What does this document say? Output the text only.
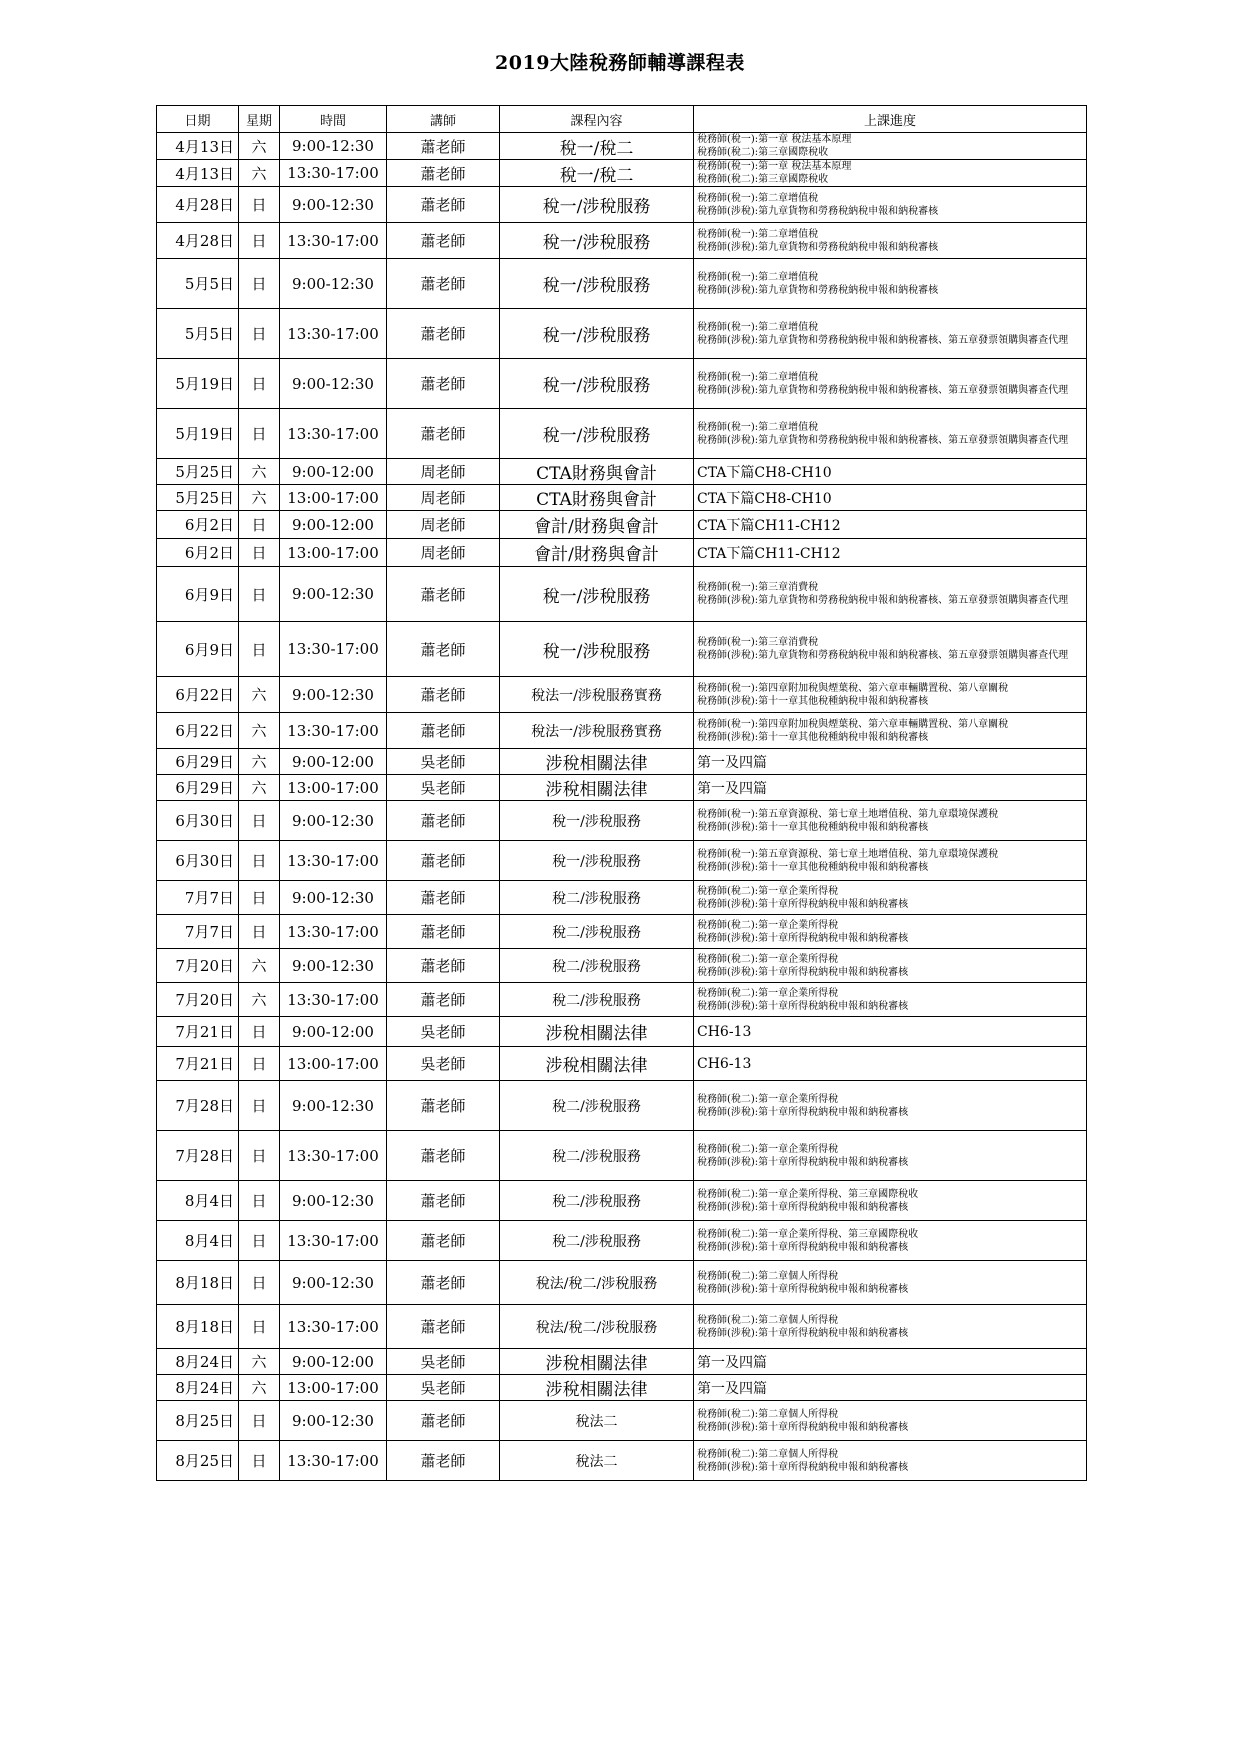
2019大陸稅務師輔導課程表
日期	星期	時間	講師	課程內容	上課進度
4月13日	六	9:00-12:30	蕭老師	稅一/稅二	稅務師(稅一):第一章 稅法基本原理
稅務師(稅二):第三章國際稅收

4月13日	六	13:30-17:00	蕭老師	稅一/稅二	稅務師(稅一):第一章 稅法基本原理
稅務師(稅二):第三章國際稅收

4月28日	日	9:00-12:30	蕭老師	稅一/涉稅服務	稅務師(稅一):第二章增值稅
稅務師(涉稅):第九章貨物和勞務稅納稅申報和納稅審核

4月28日	日	13:30-17:00	蕭老師	稅一/涉稅服務	稅務師(稅一):第二章增值稅
稅務師(涉稅):第九章貨物和勞務稅納稅申報和納稅審核

5月5日	日	9:00-12:30	蕭老師	稅一/涉稅服務	稅務師(稅一):第二章增值稅
稅務師(涉稅):第九章貨物和勞務稅納稅申報和納稅審核

5月5日	日	13:30-17:00	蕭老師	稅一/涉稅服務	稅務師(稅一):第二章增值稅
稅務師(涉稅):第九章貨物和勞務稅納稅申報和納稅審核、第五章發票領購與審查代理

5月19日	日	9:00-12:30	蕭老師	稅一/涉稅服務	稅務師(稅一):第二章增值稅
稅務師(涉稅):第九章貨物和勞務稅納稅申報和納稅審核、第五章發票領購與審查代理

5月19日	日	13:30-17:00	蕭老師	稅一/涉稅服務	稅務師(稅一):第二章增值稅
稅務師(涉稅):第九章貨物和勞務稅納稅申報和納稅審核、第五章發票領購與審查代理

5月25日	六	9:00-12:00	周老師	CTA財務與會計	CTA下篇CH8-CH10

5月25日	六	13:00-17:00	周老師	CTA財務與會計	CTA下篇CH8-CH10

6月2日	日	9:00-12:00	周老師	會計/財務與會計	CTA下篇CH11-CH12

6月2日	日	13:00-17:00	周老師	會計/財務與會計	CTA下篇CH11-CH12

6月9日	日	9:00-12:30	蕭老師	稅一/涉稅服務	稅務師(稅一):第三章消費稅
稅務師(涉稅):第九章貨物和勞務稅納稅申報和納稅審核、第五章發票領購與審查代理

6月9日	日	13:30-17:00	蕭老師	稅一/涉稅服務	稅務師(稅一):第三章消費稅
稅務師(涉稅):第九章貨物和勞務稅納稅申報和納稅審核、第五章發票領購與審查代理

6月22日	六	9:00-12:30	蕭老師	稅法一/涉稅服務實務	稅務師(稅一):第四章附加稅與煙葉稅、第六章車輛購置稅、第八章關稅
稅務師(涉稅):第十一章其他稅種納稅申報和納稅審核

6月22日	六	13:30-17:00	蕭老師	稅法一/涉稅服務實務	稅務師(稅一):第四章附加稅與煙葉稅、第六章車輛購置稅、第八章關稅
稅務師(涉稅):第十一章其他稅種納稅申報和納稅審核

6月29日	六	9:00-12:00	吳老師	涉稅相關法律	第一及四篇

6月29日	六	13:00-17:00	吳老師	涉稅相關法律	第一及四篇

6月30日	日	9:00-12:30	蕭老師	稅一/涉稅服務	稅務師(稅一):第五章資源稅、第七章土地增值稅、第九章環境保護稅
稅務師(涉稅):第十一章其他稅種納稅申報和納稅審核

6月30日	日	13:30-17:00	蕭老師	稅一/涉稅服務	稅務師(稅一):第五章資源稅、第七章土地增值稅、第九章環境保護稅
稅務師(涉稅):第十一章其他稅種納稅申報和納稅審核

7月7日	日	9:00-12:30	蕭老師	稅二/涉稅服務	稅務師(稅二):第一章企業所得稅
稅務師(涉稅):第十章所得稅納稅申報和納稅審核

7月7日	日	13:30-17:00	蕭老師	稅二/涉稅服務	稅務師(稅二):第一章企業所得稅
稅務師(涉稅):第十章所得稅納稅申報和納稅審核

7月20日	六	9:00-12:30	蕭老師	稅二/涉稅服務	稅務師(稅二):第一章企業所得稅
稅務師(涉稅):第十章所得稅納稅申報和納稅審核

7月20日	六	13:30-17:00	蕭老師	稅二/涉稅服務	稅務師(稅二):第一章企業所得稅
稅務師(涉稅):第十章所得稅納稅申報和納稅審核

7月21日	日	9:00-12:00	吳老師	涉稅相關法律	CH6-13

7月21日	日	13:00-17:00	吳老師	涉稅相關法律	CH6-13

7月28日	日	9:00-12:30	蕭老師	稅二/涉稅服務	稅務師(稅二):第一章企業所得稅
稅務師(涉稅):第十章所得稅納稅申報和納稅審核

7月28日	日	13:30-17:00	蕭老師	稅二/涉稅服務	稅務師(稅二):第一章企業所得稅
稅務師(涉稅):第十章所得稅納稅申報和納稅審核

8月4日	日	9:00-12:30	蕭老師	稅二/涉稅服務	稅務師(稅二):第一章企業所得稅、第三章國際稅收
稅務師(涉稅):第十章所得稅納稅申報和納稅審核

8月4日	日	13:30-17:00	蕭老師	稅二/涉稅服務	稅務師(稅二):第一章企業所得稅、第三章國際稅收
稅務師(涉稅):第十章所得稅納稅申報和納稅審核

8月18日	日	9:00-12:30	蕭老師	稅法/稅二/涉稅服務	稅務師(稅二):第二章個人所得稅
稅務師(涉稅):第十章所得稅納稅申報和納稅審核

8月18日	日	13:30-17:00	蕭老師	稅法/稅二/涉稅服務	稅務師(稅二):第二章個人所得稅
稅務師(涉稅):第十章所得稅納稅申報和納稅審核

8月24日	六	9:00-12:00	吳老師	涉稅相關法律	第一及四篇

8月24日	六	13:00-17:00	吳老師	涉稅相關法律	第一及四篇

8月25日	日	9:00-12:30	蕭老師	稅法二	稅務師(稅二):第二章個人所得稅
稅務師(涉稅):第十章所得稅納稅申報和納稅審核

8月25日	日	13:30-17:00	蕭老師	稅法二	稅務師(稅二):第二章個人所得稅
稅務師(涉稅):第十章所得稅納稅申報和納稅審核
